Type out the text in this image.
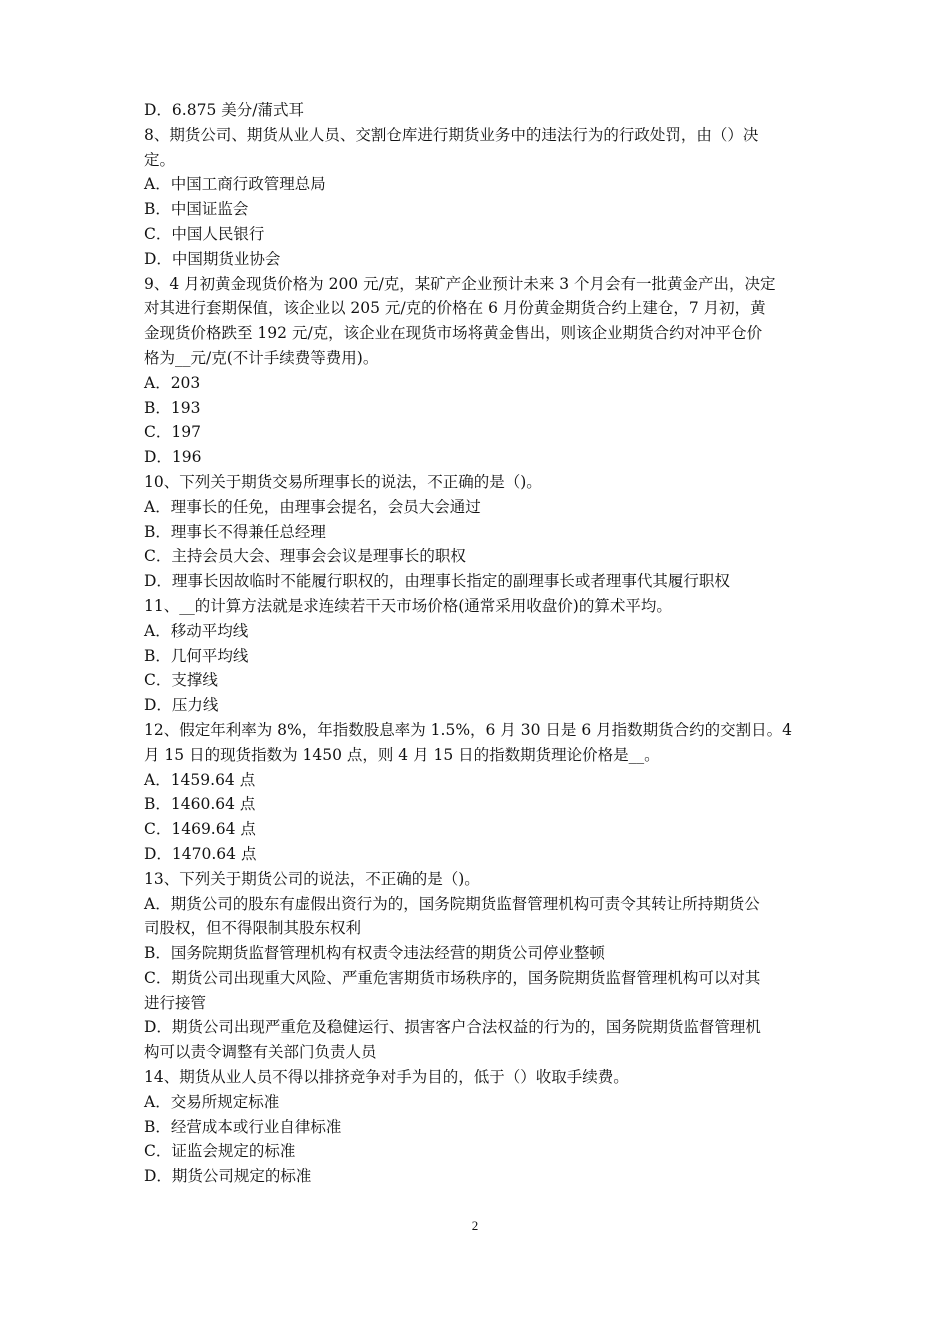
D．6.875 美分/蒲式耳
8、期货公司、期货从业人员、交割仓库进行期货业务中的违法行为的行政处罚，由（）决
定。
A．中国工商行政管理总局
B．中国证监会
C．中国人民银行
D．中国期货业协会
9、4 月初黄金现货价格为 200 元/克，某矿产企业预计未来 3 个月会有一批黄金产出，决定
对其进行套期保值，该企业以 205 元/克的价格在 6 月份黄金期货合约上建仓，7 月初，黄
金现货价格跌至 192 元/克，该企业在现货市场将黄金售出，则该企业期货合约对冲平仓价
格为__元/克(不计手续费等费用)。
A．203
B．193
C．197
D．196
10、下列关于期货交易所理事长的说法，不正确的是（)。
A．理事长的任免，由理事会提名，会员大会通过
B．理事长不得兼任总经理
C．主持会员大会、理事会会议是理事长的职权
D．理事长因故临时不能履行职权的，由理事长指定的副理事长或者理事代其履行职权
11、__的计算方法就是求连续若干天市场价格(通常采用收盘价)的算术平均。
A．移动平均线
B．几何平均线
C．支撑线
D．压力线
12、假定年利率为 8%，年指数股息率为 1.5%，6 月 30 日是 6 月指数期货合约的交割日。4
月 15 日的现货指数为 1450 点，则 4 月 15 日的指数期货理论价格是__。
A．1459.64 点
B．1460.64 点
C．1469.64 点
D．1470.64 点
13、下列关于期货公司的说法，不正确的是（)。
A．期货公司的股东有虚假出资行为的，国务院期货监督管理机构可责令其转让所持期货公
司股权，但不得限制其股东权利
B．国务院期货监督管理机构有权责令违法经营的期货公司停业整顿
C．期货公司出现重大风险、严重危害期货市场秩序的，国务院期货监督管理机构可以对其
进行接管
D．期货公司出现严重危及稳健运行、损害客户合法权益的行为的，国务院期货监督管理机
构可以责令调整有关部门负责人员
14、期货从业人员不得以排挤竞争对手为目的，低于（）收取手续费。
A．交易所规定标准
B．经营成本或行业自律标准
C．证监会规定的标准
D．期货公司规定的标准
2
